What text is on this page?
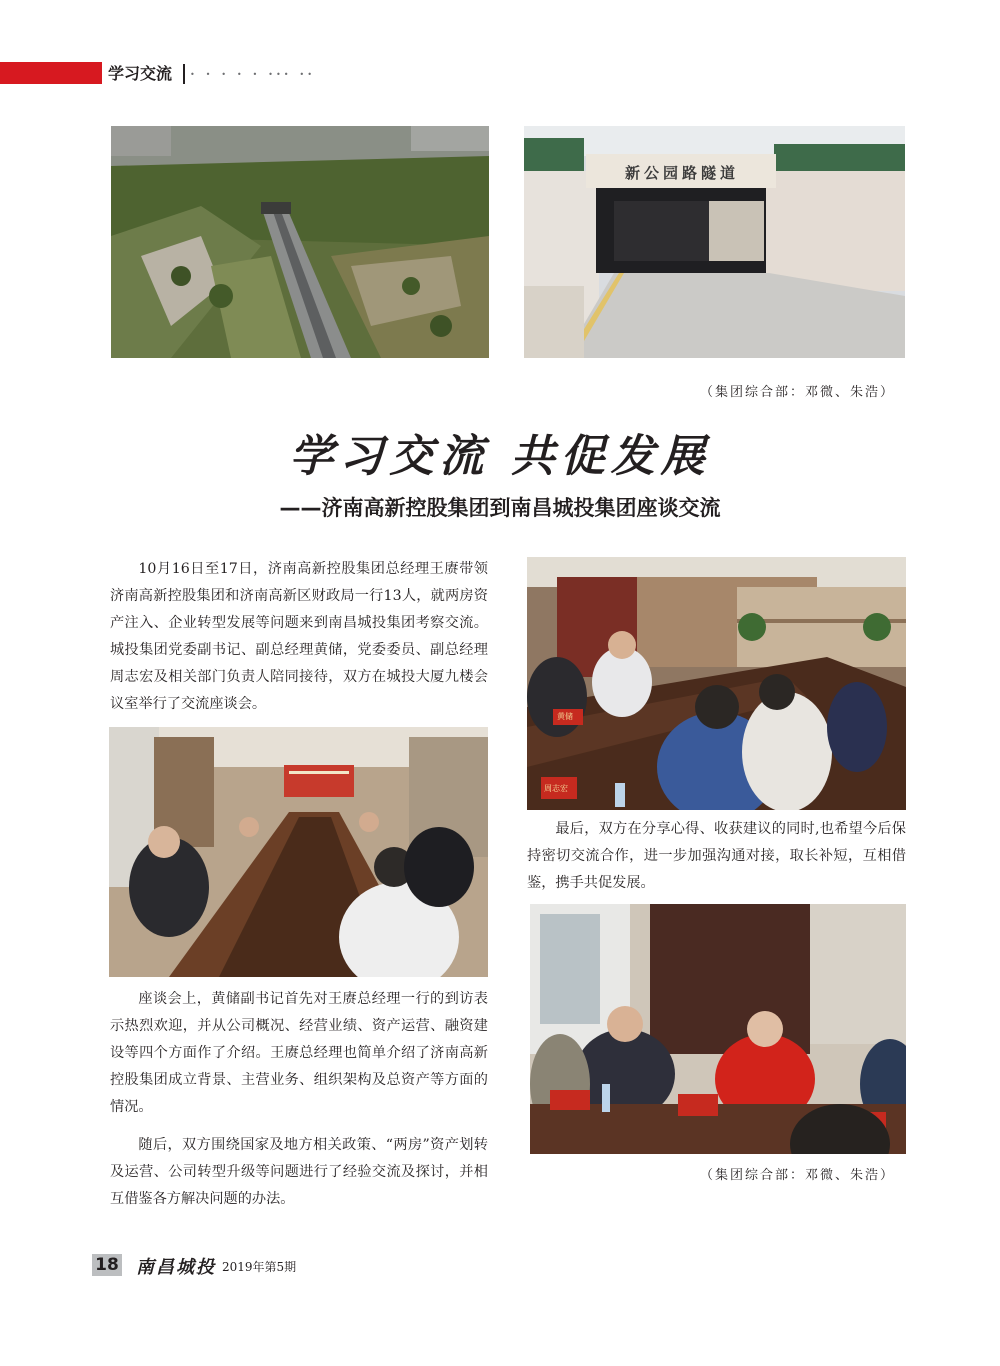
学习交流 • • • • • ••• ••
新公园路隧道
（集团综合部：邓微、朱浩）
学习交流 共促发展
——济南高新控股集团到南昌城投集团座谈交流
10月16日至17日，济南高新控股集团总经理王赓带领济南高新控股集团和济南高新区财政局一行13人，就两房资产注入、企业转型发展等问题来到南昌城投集团考察交流。城投集团党委副书记、副总经理黄储，党委委员、副总经理周志宏及相关部门负责人陪同接待，双方在城投大厦九楼会议室举行了交流座谈会。
座谈会上，黄储副书记首先对王赓总经理一行的到访表示热烈欢迎，并从公司概况、经营业绩、资产运营、融资建设等四个方面作了介绍。王赓总经理也简单介绍了济南高新控股集团成立背景、主营业务、组织架构及总资产等方面的情况。
随后，双方围绕国家及地方相关政策、“两房”资产划转及运营、公司转型升级等问题进行了经验交流及探讨，并相互借鉴各方解决问题的办法。
黄储
周志宏
最后，双方在分享心得、收获建议的同时,也希望今后保持密切交流合作，进一步加强沟通对接，取长补短，互相借鉴，携手共促发展。
（集团综合部：邓微、朱浩）
18 南昌城投 2019年第5期
